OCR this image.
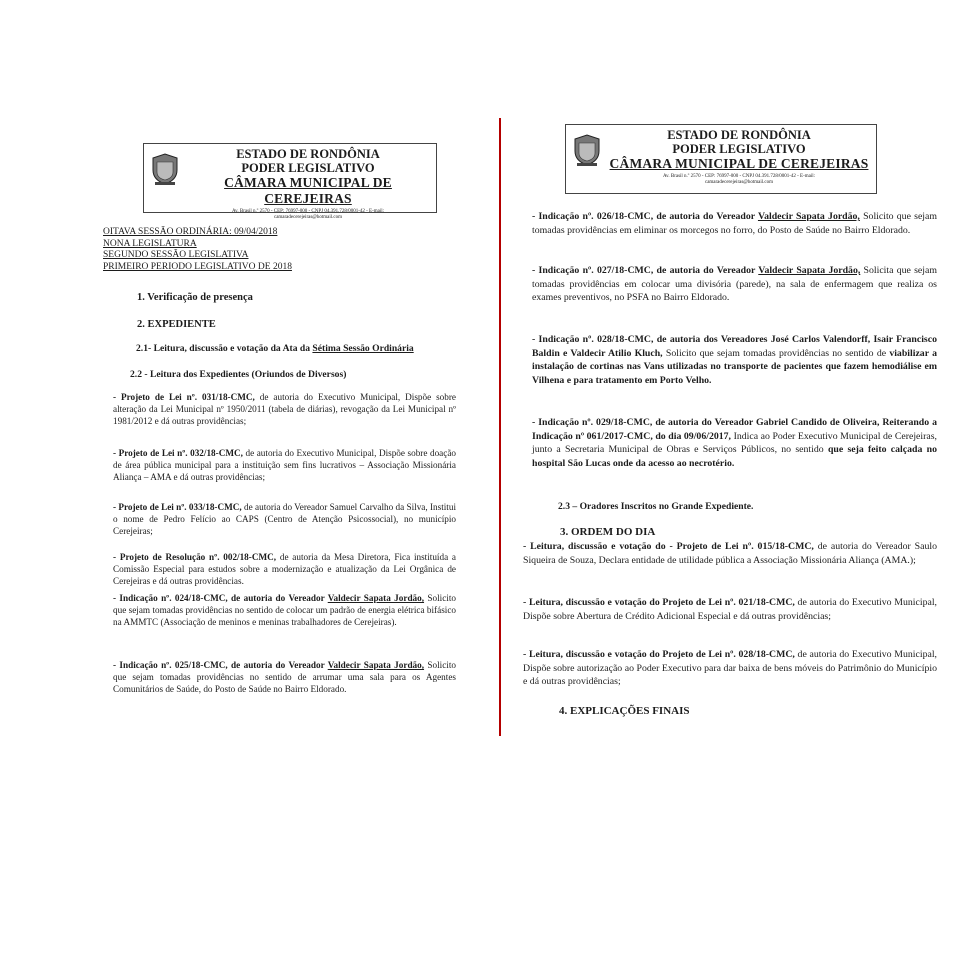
ESTADO DE RONDÔNIA
PODER LEGISLATIVO
CÂMARA MUNICIPAL DE CEREJEIRAS
Av. Brasil n.º 2570 - CEP: 76997-000 - CNPJ 04.391.728/0001-42 - E-mail:
camaradecerejeiras@hotmail.com
OITAVA SESSÃO ORDINÁRIA: 09/04/2018
NONA LEGISLATURA
SEGUNDO SESSÃO LEGISLATIVA
PRIMEIRO PERIODO LEGISLATIVO DE 2018
1. Verificação de presença
2. EXPEDIENTE
2.1- Leitura, discussão e votação da Ata da Sétima Sessão Ordinária
2.2 - Leitura dos Expedientes (Oriundos de Diversos)
- Projeto de Lei nº. 031/18-CMC, de autoria do Executivo Municipal, Dispõe sobre alteração da Lei Municipal nº 1950/2011 (tabela de diárias), revogação da Lei Municipal nº 1981/2012 e dá outras providências;
- Projeto de Lei nº. 032/18-CMC, de autoria do Executivo Municipal, Dispõe sobre doação de área pública municipal para a instituição sem fins lucrativos – Associação Missionária Aliança – AMA e dá outras providências;
- Projeto de Lei nº. 033/18-CMC, de autoria do Vereador Samuel Carvalho da Silva, Institui o nome de Pedro Felício ao CAPS (Centro de Atenção Psicossocial), no município Cerejeiras;
- Projeto de Resolução nº. 002/18-CMC, de autoria da Mesa Diretora, Fica instituída a Comissão Especial para estudos sobre a modernização e atualização da Lei Orgânica de Cerejeiras e dá outras providências.
- Indicação nº. 024/18-CMC, de autoria do Vereador Valdecir Sapata Jordão, Solicito que sejam tomadas providências no sentido de colocar um padrão de energia elétrica bifásico na AMMTC (Associação de meninos e meninas trabalhadores de Cerejeiras).
- Indicação nº. 025/18-CMC, de autoria do Vereador Valdecir Sapata Jordão, Solicito que sejam tomadas providências no sentido de arrumar uma sala para os Agentes Comunitários de Saúde, do Posto de Saúde no Bairro Eldorado.
ESTADO DE RONDÔNIA
PODER LEGISLATIVO
CÂMARA MUNICIPAL DE CEREJEIRAS
Av. Brasil n.º 2570 - CEP: 76997-000 - CNPJ 04.391.728/0001-42 - E-mail:
camaradecerejeiras@hotmail.com
- Indicação nº. 026/18-CMC, de autoria do Vereador Valdecir Sapata Jordão, Solicito que sejam tomadas providências em eliminar os morcegos no forro, do Posto de Saúde no Bairro Eldorado.
- Indicação nº. 027/18-CMC, de autoria do Vereador Valdecir Sapata Jordão, Solicita que sejam tomadas providências em colocar uma divisória (parede), na sala de enfermagem que realiza os exames preventivos, no PSFA no Bairro Eldorado.
- Indicação nº. 028/18-CMC, de autoria dos Vereadores José Carlos Valendorff, Isair Francisco Baldin e Valdecir Atilio Kluch, Solicito que sejam tomadas providências no sentido de viabilizar a instalação de cortinas nas Vans utilizadas no transporte de pacientes que fazem hemodiálise em Vilhena e para tratamento em Porto Velho.
- Indicação nº. 029/18-CMC, de autoria do Vereador Gabriel Candido de Oliveira, Reiterando a Indicação nº 061/2017-CMC, do dia 09/06/2017, Indica ao Poder Executivo Municipal de Cerejeiras, junto a Secretaria Municipal de Obras e Serviços Públicos, no sentido que seja feito calçada no hospital São Lucas onde da acesso ao necrotério.
2.3 – Oradores Inscritos no Grande Expediente.
3. ORDEM DO DIA
- Leitura, discussão e votação do - Projeto de Lei nº. 015/18-CMC, de autoria do Vereador Saulo Siqueira de Souza, Declara entidade de utilidade pública a Associação Missionária Aliança (AMA.);
- Leitura, discussão e votação do Projeto de Lei nº. 021/18-CMC, de autoria do Executivo Municipal, Dispõe sobre Abertura de Crédito Adicional Especial e dá outras providências;
- Leitura, discussão e votação do Projeto de Lei nº. 028/18-CMC, de autoria do Executivo Municipal, Dispõe sobre autorização ao Poder Executivo para dar baixa de bens móveis do Patrimônio do Município e dá outras providências;
4. EXPLICAÇÕES FINAIS
